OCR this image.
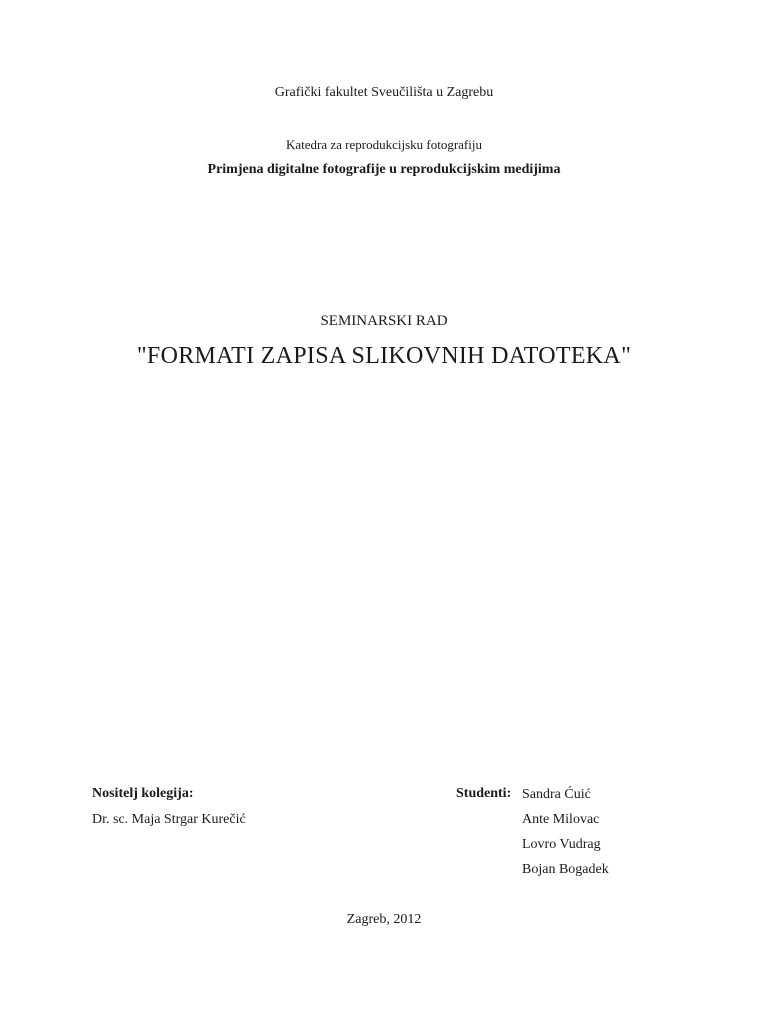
Grafički fakultet Sveučilišta u Zagrebu
Katedra za reprodukcijsku fotografiju
Primjena digitalne fotografije u reprodukcijskim medijima
SEMINARSKI RAD
"FORMATI ZAPISA SLIKOVNIH DATOTEKA"
Nositelj kolegija:
Dr. sc. Maja Strgar Kurečić
Studenti: Sandra Ćuić
Ante Milovac
Lovro Vudrag
Bojan Bogadek
Zagreb, 2012
